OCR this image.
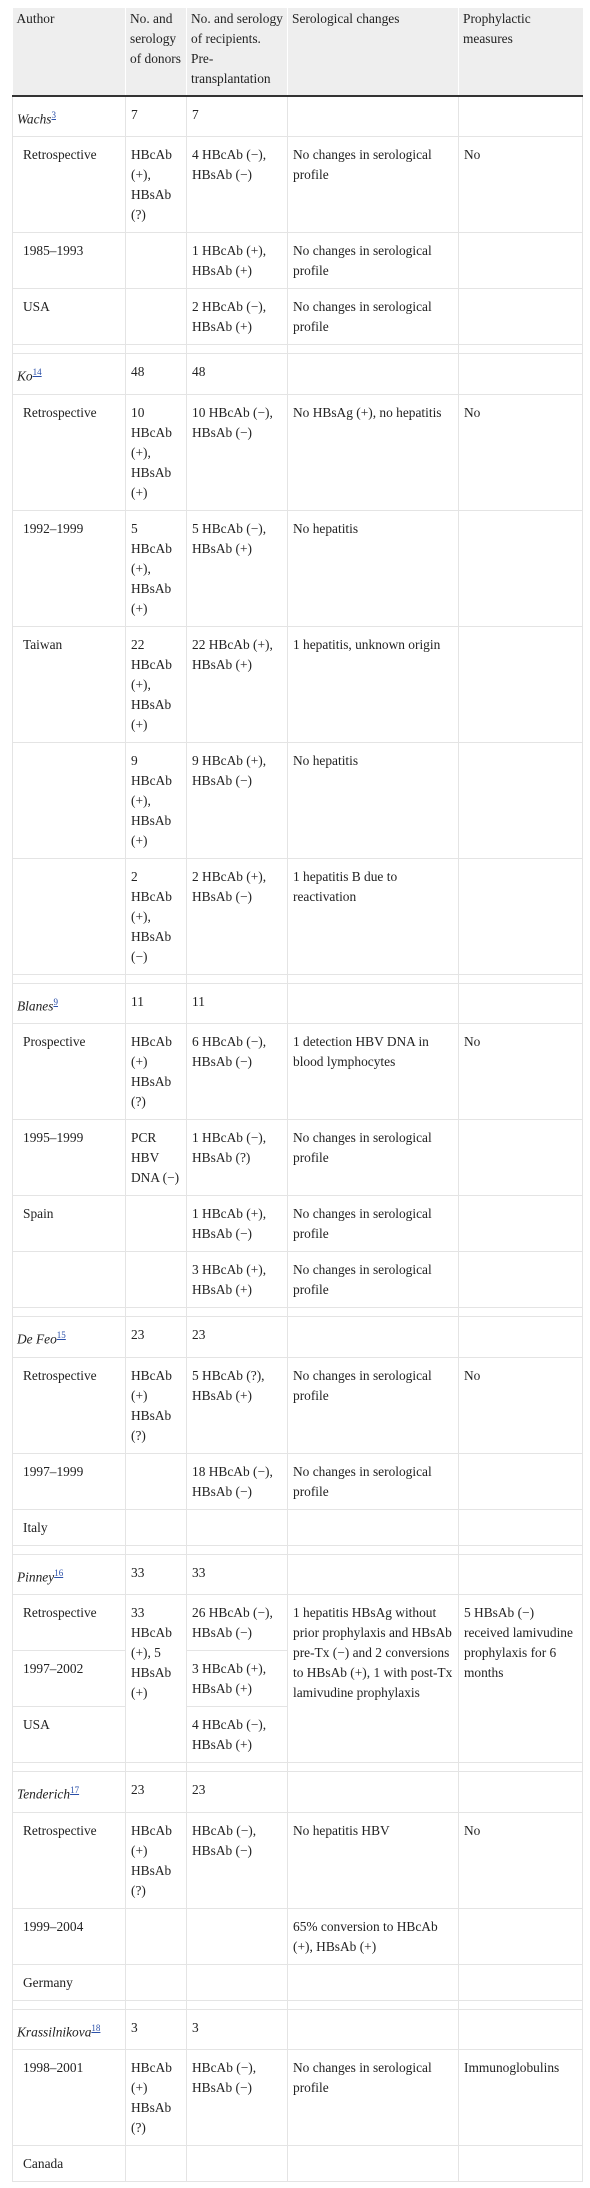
Author	No. and serology of donors	No. and serology of recipients. Pre-transplantation	Serological changes	Prophylactic measures
Wachs$^3$	7	7		
Retrospective	HBcAb (+), HBsAb (?)	4 HBcAb (−), HBsAb (−)	No changes in serological profile	No
1985–1993		1 HBcAb (+), HBsAb (+)	No changes in serological profile	
USA		2 HBcAb (−), HBsAb (+)	No changes in serological profile	

Ko$^{14}$	48	48		
Retrospective	10 HBcAb (+), HBsAb (+)	10 HBcAb (−), HBsAb (−)	No HBsAg (+), no hepatitis	No
1992–1999	5 HBcAb (+), HBsAb (+)	5 HBcAb (−), HBsAb (+)	No hepatitis	
Taiwan	22 HBcAb (+), HBsAb (+)	22 HBcAb (+), HBsAb (+)	1 hepatitis, unknown origin	
	9 HBcAb (+), HBsAb (+)	9 HBcAb (+), HBsAb (−)	No hepatitis	
	2 HBcAb (+), HBsAb (−)	2 HBcAb (+), HBsAb (−)	1 hepatitis B due to reactivation	

Blanes$^9$	11	11		
Prospective	HBcAb (+) HBsAb (?)	6 HBcAb (−), HBsAb (−)	1 detection HBV DNA in blood lymphocytes	No
1995–1999	PCR HBV DNA (−)	1 HBcAb (−), HBsAb (?)	No changes in serological profile	
Spain		1 HBcAb (+), HBsAb (−)	No changes in serological profile	
		3 HBcAb (+), HBsAb (+)	No changes in serological profile	

De Feo$^{15}$	23	23		
Retrospective	HBcAb (+) HBsAb (?)	5 HBcAb (?), HBsAb (+)	No changes in serological profile	No
1997–1999		18 HBcAb (−), HBsAb (−)	No changes in serological profile	
Italy				

Pinney$^{16}$	33	33		
Retrospective	33 HBcAb (+), 5 HBsAb (+)	26 HBcAb (−), HBsAb (−)	1 hepatitis HBsAg without prior prophylaxis and HBsAb pre-Tx (−) and 2 conversions to HBsAb (+), 1 with post-Tx lamivudine prophylaxis	5 HBsAb (−) received lamivudine prophylaxis for 6 months
1997–2002		3 HBcAb (+), HBsAb (+)		
USA		4 HBcAb (−), HBsAb (+)		

Tenderich$^{17}$	23	23		
Retrospective	HBcAb (+) HBsAb (?)	HBcAb (−), HBsAb (−)	No hepatitis HBV	No
1999–2004			65% conversion to HBcAb (+), HBsAb (+)	
Germany				

Krassilnikova$^{18}$	3	3		
1998–2001	HBcAb (+) HBsAb (?)	HBcAb (−), HBsAb (−)	No changes in serological profile	Immunoglobulins
Canada				
